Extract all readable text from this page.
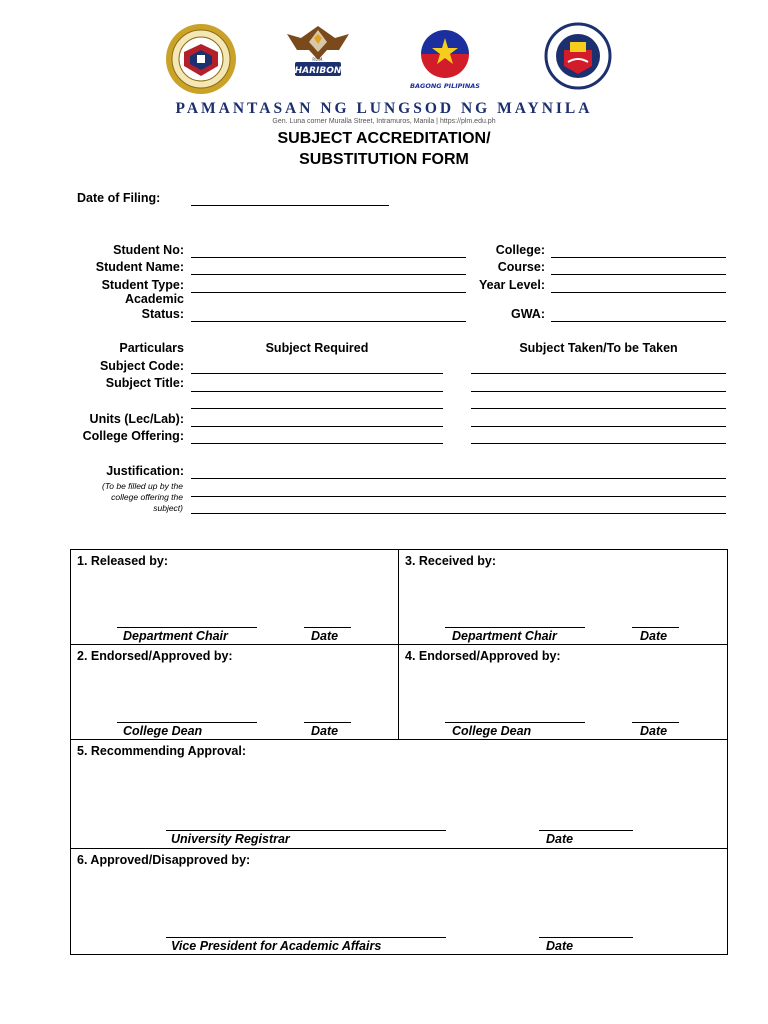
HARIBON
P.L.M.
BAGONG PILIPINAS
PAMANTASAN NG LUNGSOD NG MAYNILA
Gen. Luna corner Muralla Street, Intramuros, Manila | https://plm.edu.ph
SUBJECT ACCREDITATION/
SUBSTITUTION FORM
Date of Filing:
Student No:
Student Name:
Student Type:
Academic
Status:
College:
Course:
Year Level:
GWA:
Particulars	Subject Required	Subject Taken/To be Taken
Subject Code:
Subject Title:
Units (Lec/Lab):
College Offering:
Justification:
(To be filled up by the
college offering the
subject)
1. Released by:
Department Chair	Date
3. Received by:
Department Chair	Date
2. Endorsed/Approved by:
College Dean	Date
4. Endorsed/Approved by:
College Dean	Date
5. Recommending Approval:
University Registrar	Date
6. Approved/Disapproved by:
Vice President for Academic Affairs	Date
